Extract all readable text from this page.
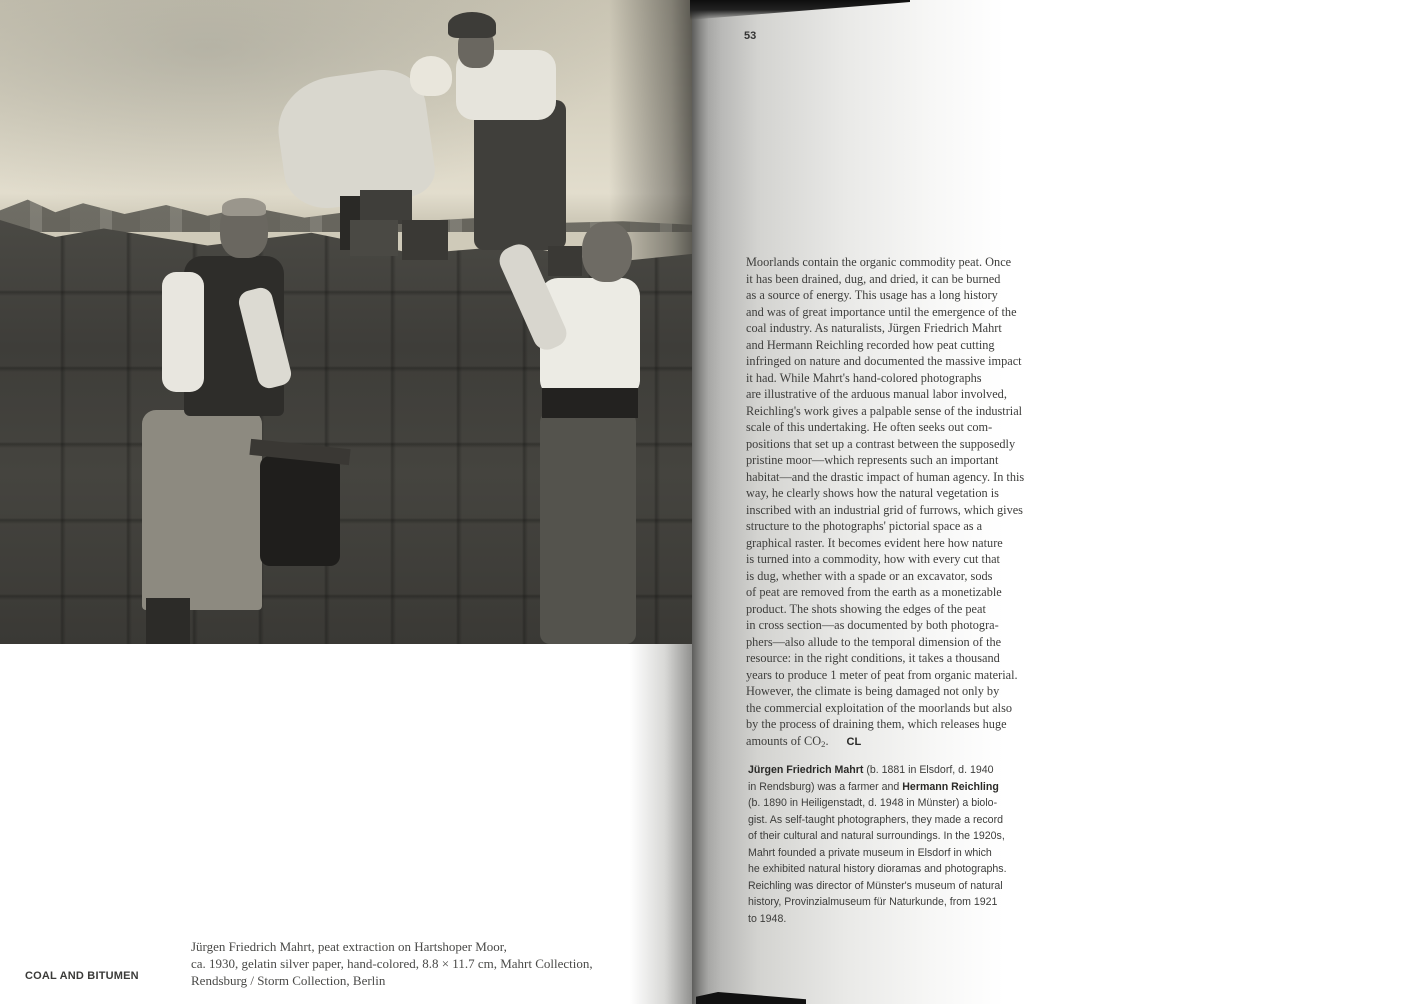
Jürgen Friedrich Mahrt, peat extraction on Hartshoper Moor,
ca. 1930, gelatin silver paper, hand-colored, 8.8 × 11.7 cm, Mahrt Collection,
Rendsburg / Storm Collection, Berlin
COAL AND BITUMEN
53
Moorlands contain the organic commodity peat. Once
it has been drained, dug, and dried, it can be burned
as a source of energy. This usage has a long history
and was of great importance until the emergence of the
coal industry. As naturalists, Jürgen Friedrich Mahrt
and Hermann Reichling recorded how peat cutting
infringed on nature and documented the massive impact
it had. While Mahrt's hand-colored photographs
are illustrative of the arduous manual labor involved,
Reichling's work gives a palpable sense of the industrial
scale of this undertaking. He often seeks out com-
positions that set up a contrast between the supposedly
pristine moor—which represents such an important
habitat—and the drastic impact of human agency. In this
way, he clearly shows how the natural vegetation is
inscribed with an industrial grid of furrows, which gives
structure to the photographs' pictorial space as a
graphical raster. It becomes evident here how nature
is turned into a commodity, how with every cut that
is dug, whether with a spade or an excavator, sods
of peat are removed from the earth as a monetizable
product. The shots showing the edges of the peat
in cross section—as documented by both photogra-
phers—also allude to the temporal dimension of the
resource: in the right conditions, it takes a thousand
years to produce 1 meter of peat from organic material.
However, the climate is being damaged not only by
the commercial exploitation of the moorlands but also
by the process of draining them, which releases huge
amounts of $CO_2$. CL
Jürgen Friedrich Mahrt (b. 1881 in Elsdorf, d. 1940
in Rendsburg) was a farmer and Hermann Reichling
(b. 1890 in Heiligenstadt, d. 1948 in Münster) a biolo-
gist. As self-taught photographers, they made a record
of their cultural and natural surroundings. In the 1920s,
Mahrt founded a private museum in Elsdorf in which
he exhibited natural history dioramas and photographs.
Reichling was director of Münster's museum of natural
history, Provinzialmuseum für Naturkunde, from 1921
to 1948.
